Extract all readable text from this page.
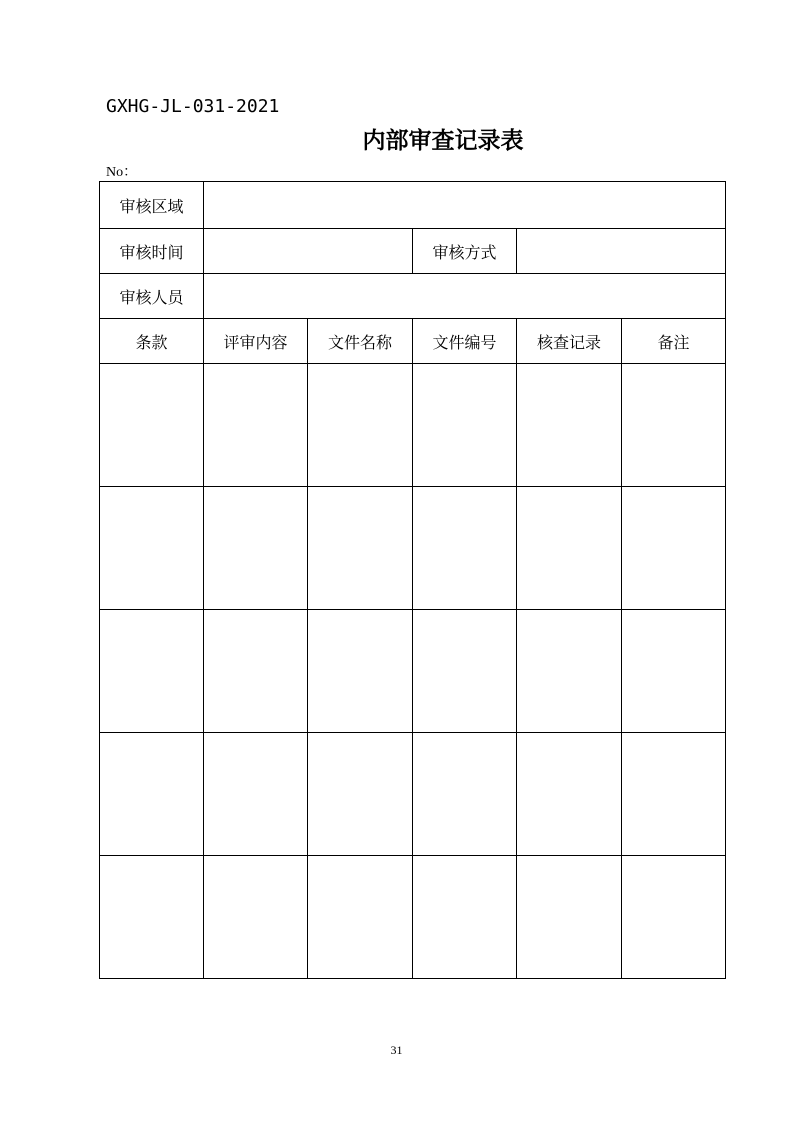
GXHG-JL-031-2021
内部审查记录表
No：
审核区域					
审核时间			审核方式		
审核人员					
条款	评审内容	文件名称	文件编号	核查记录	备注

31
